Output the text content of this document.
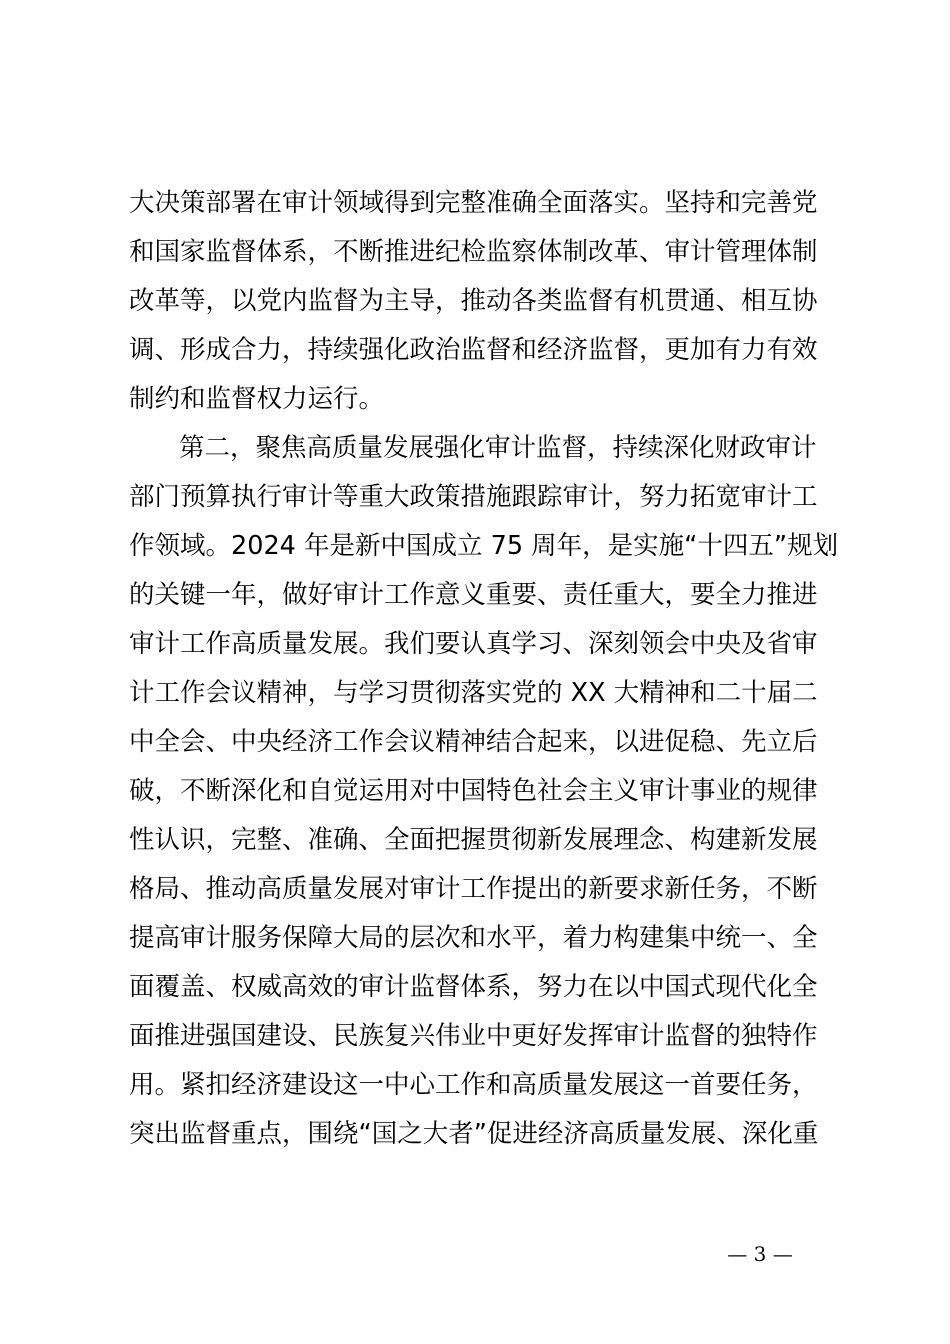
大决策部署在审计领域得到完整准确全面落实。坚持和完善党
和国家监督体系，不断推进纪检监察体制改革、审计管理体制
改革等，以党内监督为主导，推动各类监督有机贯通、相互协
调、形成合力，持续强化政治监督和经济监督，更加有力有效
制约和监督权力运行。
第二，聚焦高质量发展强化审计监督，持续深化财政审计
部门预算执行审计等重大政策措施跟踪审计，努力拓宽审计工
作领域。2024 年是新中国成立 75 周年，是实施“十四五”规划
的关键一年，做好审计工作意义重要、责任重大，要全力推进
审计工作高质量发展。我们要认真学习、深刻领会中央及省审
计工作会议精神，与学习贯彻落实党的 XX 大精神和二十届二
中全会、中央经济工作会议精神结合起来，以进促稳、先立后
破，不断深化和自觉运用对中国特色社会主义审计事业的规律
性认识，完整、准确、全面把握贯彻新发展理念、构建新发展
格局、推动高质量发展对审计工作提出的新要求新任务，不断
提高审计服务保障大局的层次和水平，着力构建集中统一、全
面覆盖、权威高效的审计监督体系，努力在以中国式现代化全
面推进强国建设、民族复兴伟业中更好发挥审计监督的独特作
用。紧扣经济建设这一中心工作和高质量发展这一首要任务，
突出监督重点，围绕“国之大者”促进经济高质量发展、深化重
— 3 —
